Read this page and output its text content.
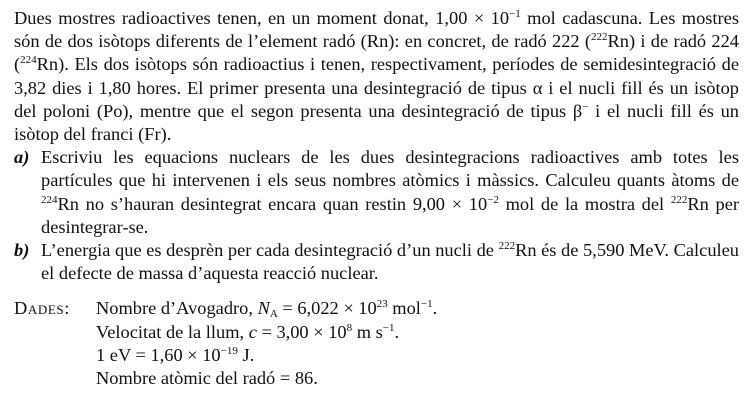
Dues mostres radioactives tenen, en un moment donat, $1,00 \times 10^{-1}$ mol cadascuna. Les mostres són de dos isòtops diferents de l’element radó (Rn): en concret, de radó 222 ($^{222}$Rn) i de radó 224 ($^{224}$Rn). Els dos isòtops són radioactius i tenen, respectivament, períodes de semidesintegració de 3,82 dies i 1,80 hores. El primer presenta una desintegració de tipus α i el nucli fill és un isòtop del poloni (Po), mentre que el segon presenta una desintegració de tipus β− i el nucli fill és un isòtop del franci (Fr).

a) Escriviu les equacions nuclears de les dues desintegracions radioactives amb totes les partícules que hi intervenen i els seus nombres atòmics i màssics. Calculeu quants àtoms de $^{224}$Rn no s’hauran desintegrat encara quan restin $9,00 \times 10^{-2}$ mol de la mostra del $^{222}$Rn per desintegrar-se.

b) L’energia que es desprèn per cada desintegració d’un nucli de $^{222}$Rn és de 5,590 MeV. Calculeu el defecte de massa d’aquesta reacció nuclear.

Dades:	Nombre d’Avogadro, $N_A = 6,022 \times 10^{23}$ mol$^{-1}$.
Velocitat de la llum, $c = 3,00 \times 10^8$ m $s^{-1}$.
1 eV = $1,60 \times 10^{-19}$ J.
Nombre atòmic del radó = 86.
